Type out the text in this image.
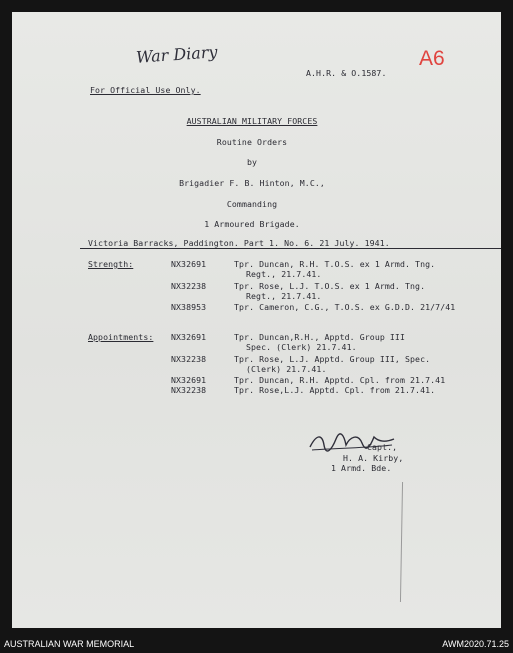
War Diary
A.H.R. & O.1587.
A6
For Official Use Only.
AUSTRALIAN MILITARY FORCES
Routine Orders
by
Brigadier F. B. Hinton, M.C.,
Commanding
1 Armoured Brigade.
Victoria Barracks, Paddington. Part 1. No. 6. 21 July. 1941.
Strength:	NX32691	Tpr. Duncan, R.H. T.O.S. ex 1 Armd. Tng.
Regt., 21.7.41.
NX32238	Tpr. Rose, L.J. T.O.S. ex 1 Armd. Tng.
Regt., 21.7.41.
NX38953	Tpr. Cameron, C.G., T.O.S. ex G.D.D. 21/7/41
Appointments: NX32691	Tpr. Duncan,R.H., Apptd. Group III
Spec. (Clerk) 21.7.41.
NX32238	Tpr. Rose, L.J. Apptd. Group III, Spec.
(Clerk) 21.7.41.
NX32691	Tpr. Duncan, R.H. Apptd. Cpl. from 21.7.41
NX32238	Tpr. Rose,L.J. Apptd. Cpl. from 21.7.41.
Capt.,
H. A. Kirby,
1 Armd. Bde.
AUSTRALIAN WAR MEMORIAL	AWM2020.71.25
